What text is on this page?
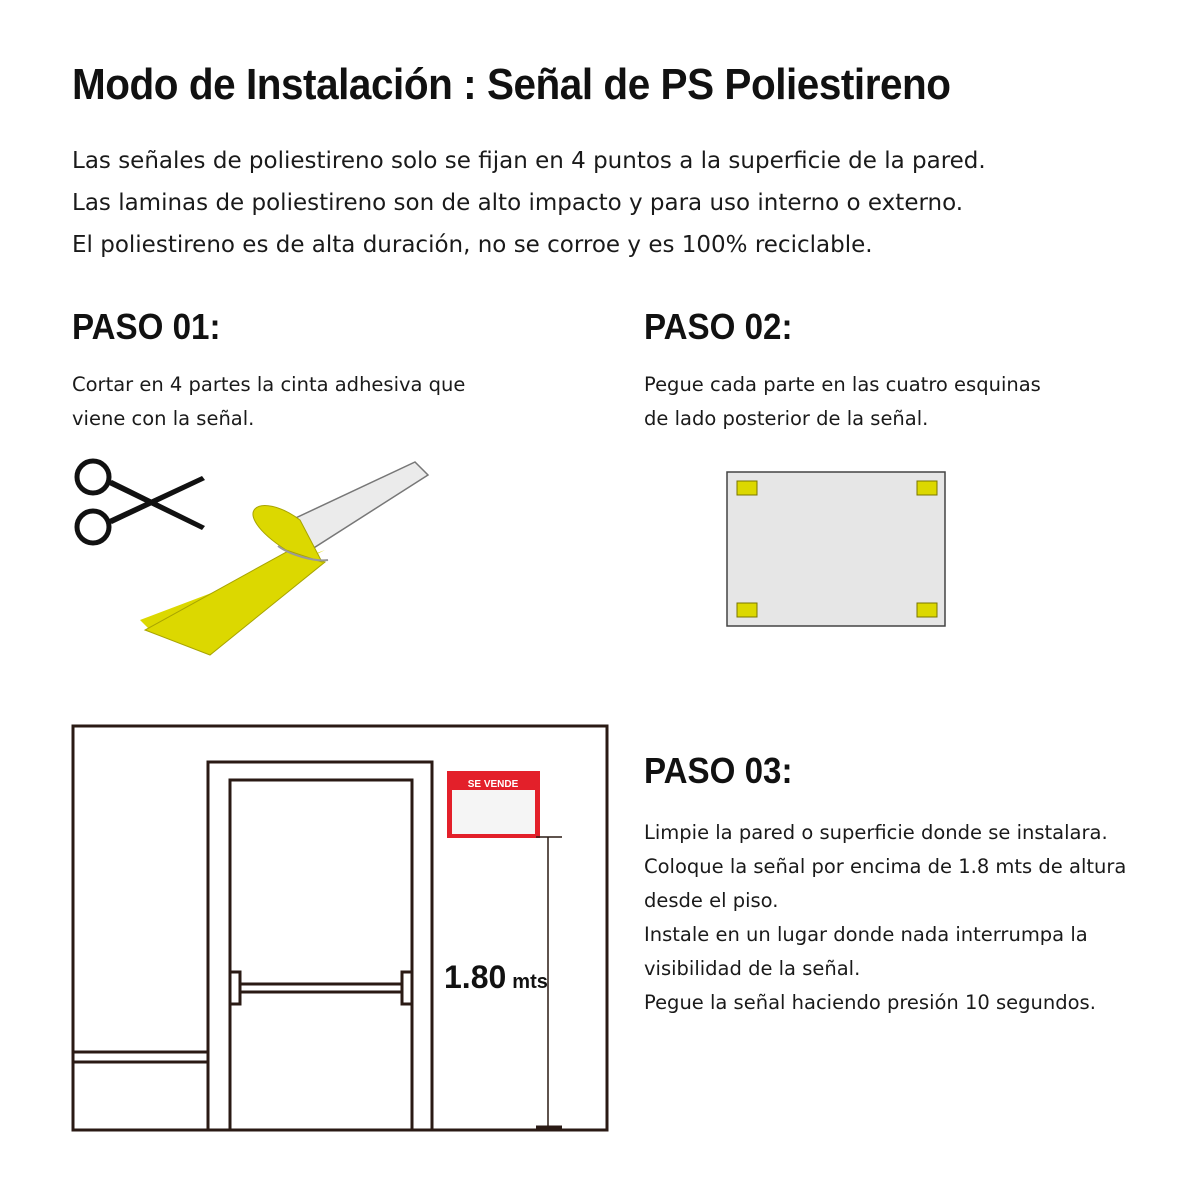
Modo de Instalación : Señal de PS Poliestireno
Las señales de poliestireno solo se fijan en 4 puntos a la superficie de la pared.
Las laminas de poliestireno son de alto impacto y para uso interno o externo.
El poliestireno es de alta duración, no se corroe y es 100% reciclable.
PASO 01:
Cortar en 4 partes la cinta adhesiva que
viene con la señal.
PASO 02:
Pegue cada parte en las cuatro esquinas
de lado posterior de la señal.
SE VENDE
1.80 mts
PASO 03:
Limpie la pared o superficie donde se instalara.
Coloque la señal por encima de 1.8 mts de altura
desde el piso.
Instale en un lugar donde nada interrumpa la
visibilidad de la señal.
Pegue la señal haciendo presión 10 segundos.
